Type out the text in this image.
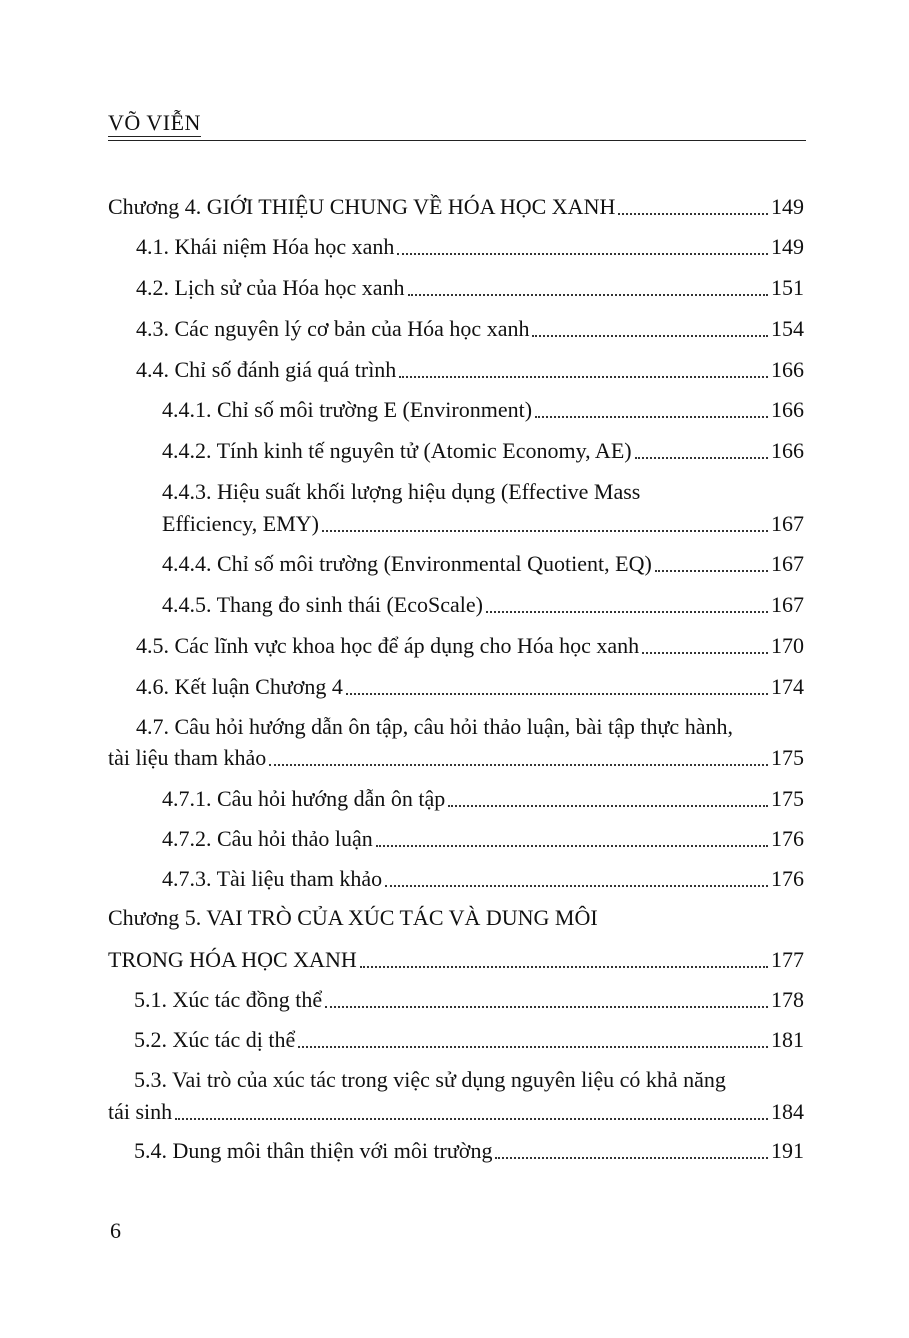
VÕ VIỄN
Chương 4. GIỚI THIỆU CHUNG VỀ HÓA HỌC XANH	149
4.1. Khái niệm Hóa học xanh	149
4.2. Lịch sử của Hóa học xanh	151
4.3. Các nguyên lý cơ bản của Hóa học xanh	154
4.4. Chỉ số đánh giá quá trình	166
4.4.1. Chỉ số môi trường E (Environment)	166
4.4.2. Tính kinh tế nguyên tử (Atomic Economy, AE)	166
4.4.3. Hiệu suất khối lượng hiệu dụng (Effective Mass
Efficiency, EMY)	167
4.4.4. Chỉ số môi trường (Environmental Quotient, EQ)	167
4.4.5. Thang đo sinh thái (EcoScale)	167
4.5. Các lĩnh vực khoa học để áp dụng cho Hóa học xanh	170
4.6. Kết luận Chương 4	174
4.7. Câu hỏi hướng dẫn ôn tập, câu hỏi thảo luận, bài tập thực hành,
tài liệu tham khảo	175
4.7.1. Câu hỏi hướng dẫn ôn tập	175
4.7.2. Câu hỏi thảo luận	176
4.7.3. Tài liệu tham khảo	176
Chương 5. VAI TRÒ CỦA XÚC TÁC VÀ DUNG MÔI
TRONG HÓA HỌC XANH	177
5.1. Xúc tác đồng thể	178
5.2. Xúc tác dị thể	181
5.3. Vai trò của xúc tác trong việc sử dụng nguyên liệu có khả năng
tái sinh	184
5.4. Dung môi thân thiện với môi trường	191
6
